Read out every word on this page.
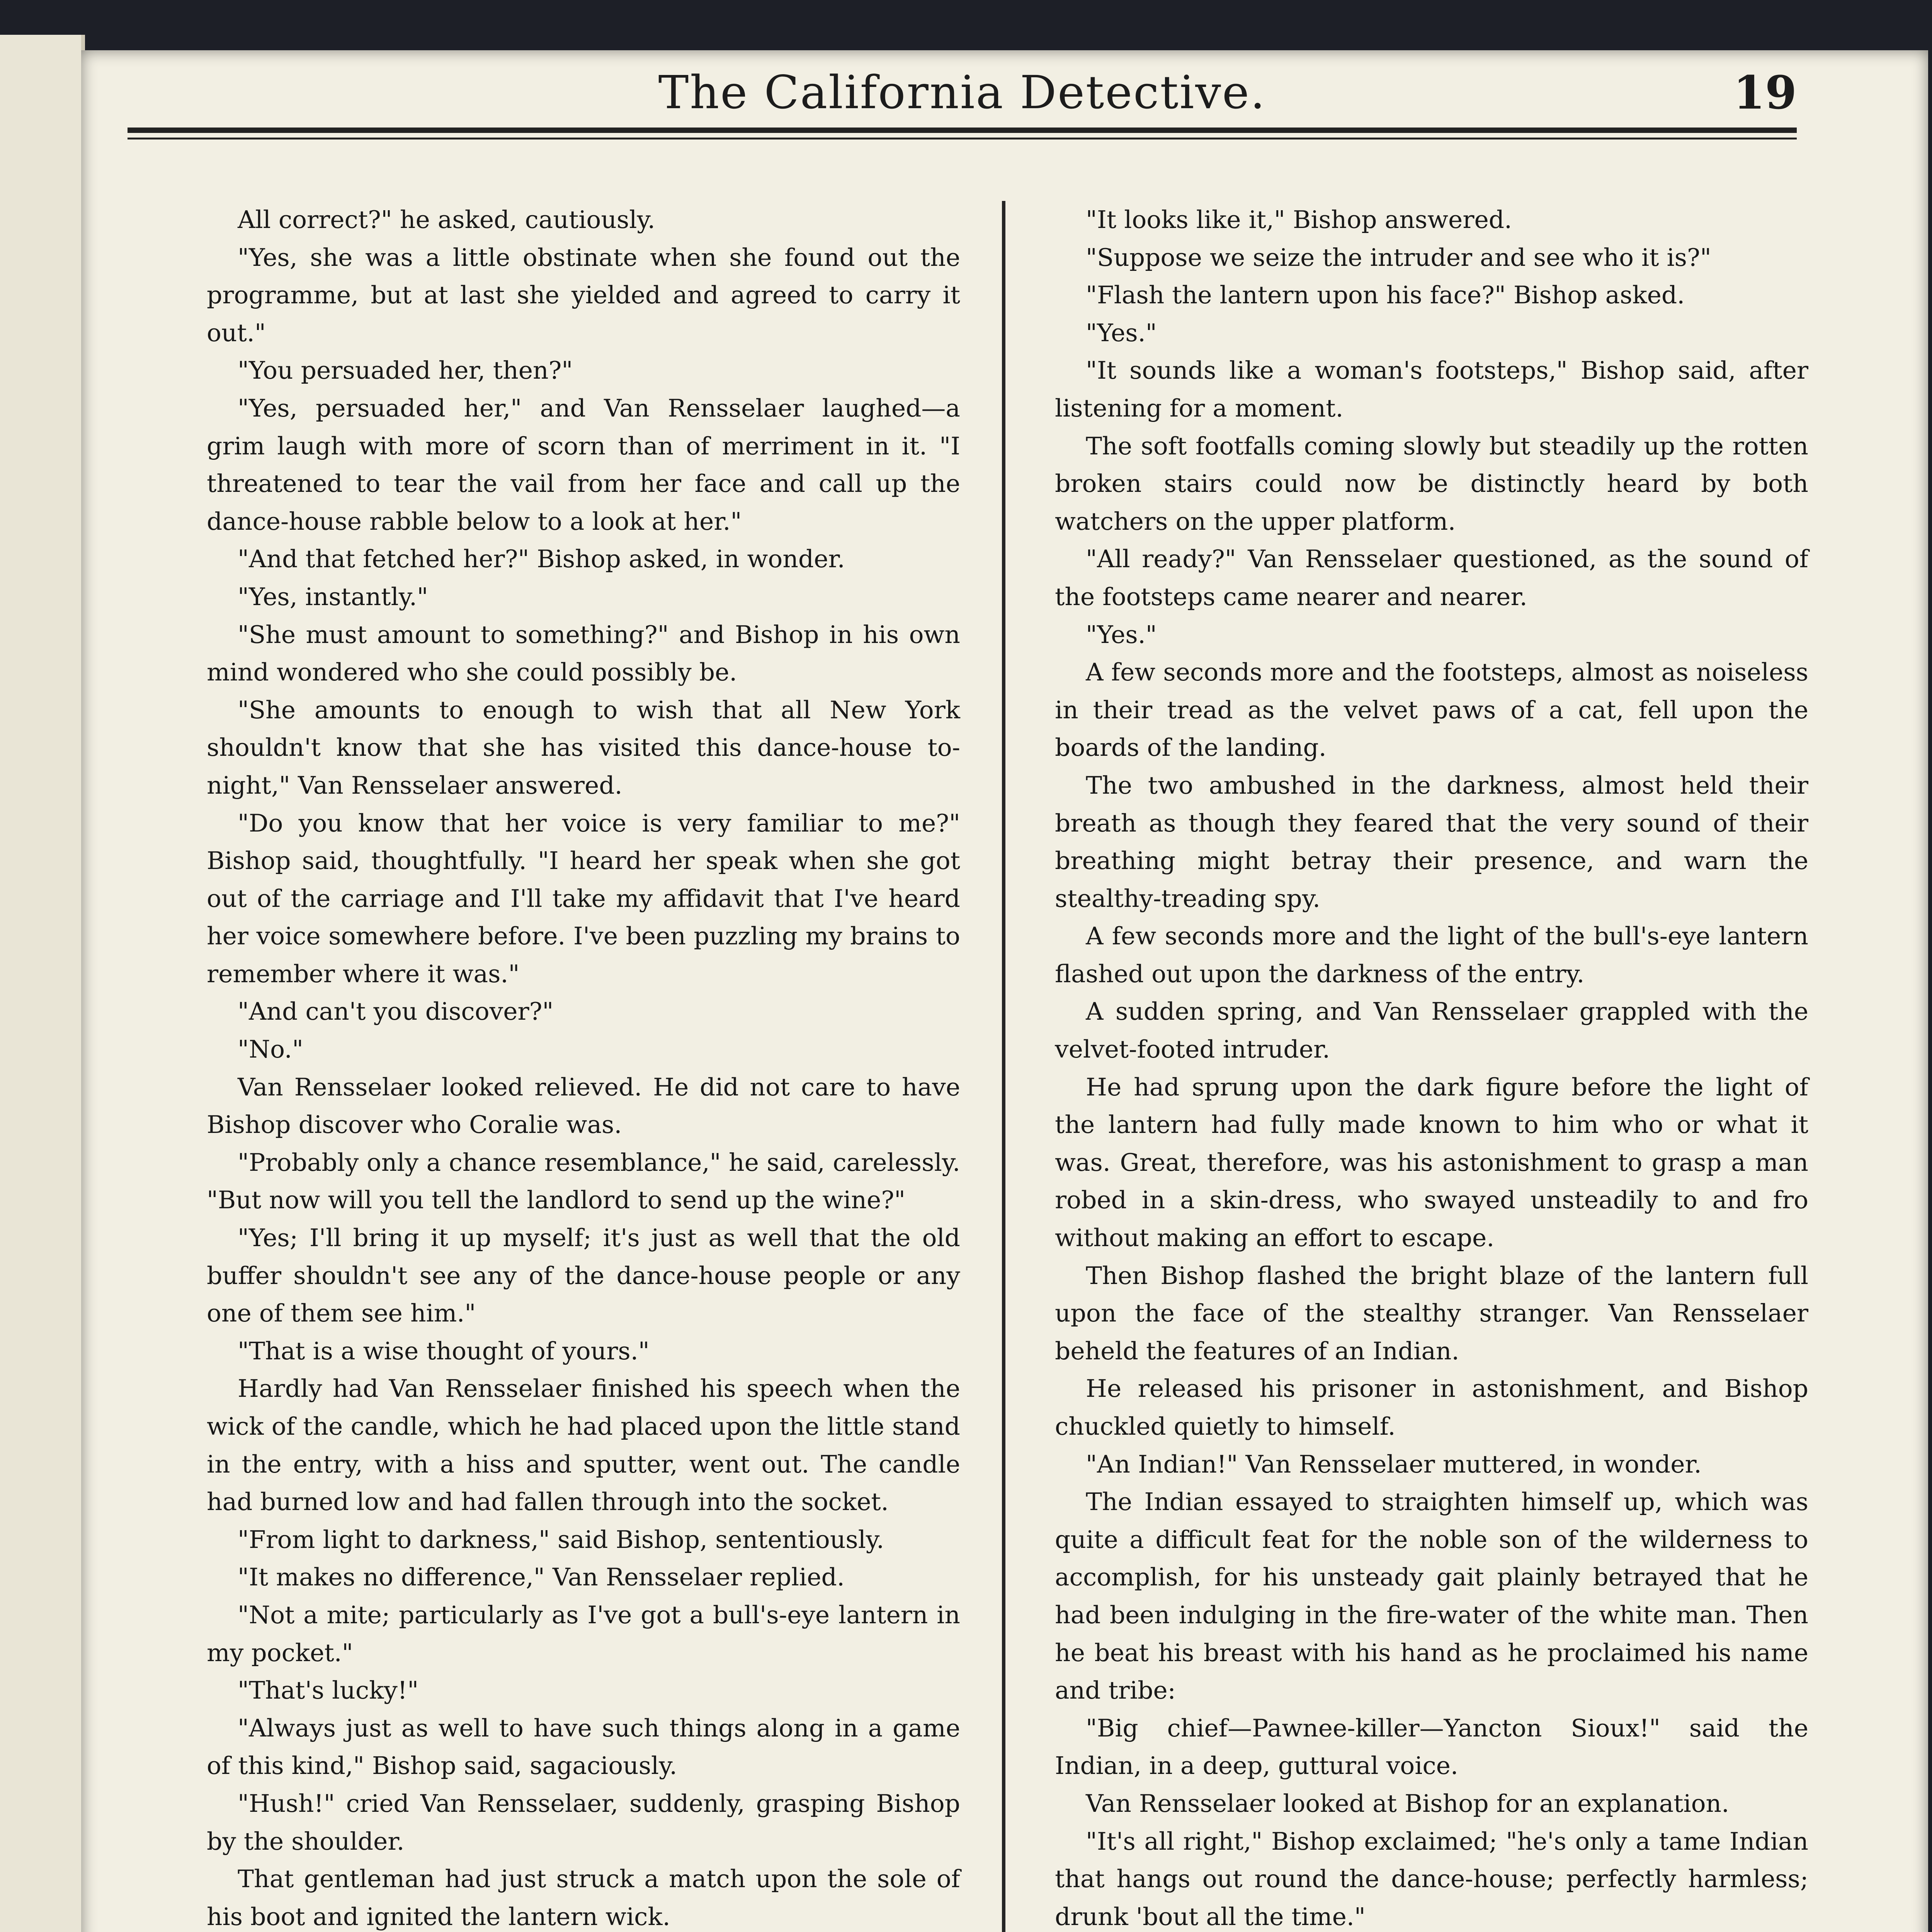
The California Detective.	19

All correct?" he asked, cautiously.

"Yes, she was a little obstinate when she found out the programme, but at last she yielded and agreed to carry it out."

"You persuaded her, then?"

"Yes, persuaded her," and Van Rensselaer laughed—a grim laugh with more of scorn than of merriment in it. "I threatened to tear the vail from her face and call up the dance-house rabble below to a look at her."

"And that fetched her?" Bishop asked, in wonder.

"Yes, instantly."

"She must amount to something?" and Bishop in his own mind wondered who she could possibly be.

"She amounts to enough to wish that all New York shouldn't know that she has visited this dance-house to-night," Van Rensselaer answered.

"Do you know that her voice is very familiar to me?" Bishop said, thoughtfully. "I heard her speak when she got out of the carriage and I'll take my affidavit that I've heard her voice somewhere before. I've been puzzling my brains to remember where it was."

"And can't you discover?"

"No."

Van Rensselaer looked relieved. He did not care to have Bishop discover who Coralie was.

"Probably only a chance resemblance," he said, carelessly. "But now will you tell the landlord to send up the wine?"

"Yes; I'll bring it up myself; it's just as well that the old buffer shouldn't see any of the dance-house people or any one of them see him."

"That is a wise thought of yours."

Hardly had Van Rensselaer finished his speech when the wick of the candle, which he had placed upon the little stand in the entry, with a hiss and sputter, went out. The candle had burned low and had fallen through into the socket.

"From light to darkness," said Bishop, sententiously.

"It makes no difference," Van Rensselaer replied.

"Not a mite; particularly as I've got a bull's-eye lantern in my pocket."

"That's lucky!"

"Always just as well to have such things along in a game of this kind," Bishop said, sagaciously.

"Hush!" cried Van Rensselaer, suddenly, grasping Bishop by the shoulder.

That gentleman had just struck a match upon the sole of his boot and ignited the lantern wick.

"It looks like it," Bishop answered.

"Suppose we seize the intruder and see who it is?"

"Flash the lantern upon his face?" Bishop asked.

"Yes."

"It sounds like a woman's footsteps," Bishop said, after listening for a moment.

The soft footfalls coming slowly but steadily up the rotten broken stairs could now be distinctly heard by both watchers on the upper platform.

"All ready?" Van Rensselaer questioned, as the sound of the footsteps came nearer and nearer.

"Yes."

A few seconds more and the footsteps, almost as noiseless in their tread as the velvet paws of a cat, fell upon the boards of the landing.

The two ambushed in the darkness, almost held their breath as though they feared that the very sound of their breathing might betray their presence, and warn the stealthy-treading spy.

A few seconds more and the light of the bull's-eye lantern flashed out upon the darkness of the entry.

A sudden spring, and Van Rensselaer grappled with the velvet-footed intruder.

He had sprung upon the dark figure before the light of the lantern had fully made known to him who or what it was. Great, therefore, was his astonishment to grasp a man robed in a skin-dress, who swayed unsteadily to and fro without making an effort to escape.

Then Bishop flashed the bright blaze of the lantern full upon the face of the stealthy stranger. Van Rensselaer beheld the features of an Indian.

He released his prisoner in astonishment, and Bishop chuckled quietly to himself.

"An Indian!" Van Rensselaer muttered, in wonder.

The Indian essayed to straighten himself up, which was quite a difficult feat for the noble son of the wilderness to accomplish, for his unsteady gait plainly betrayed that he had been indulging in the fire-water of the white man. Then he beat his breast with his hand as he proclaimed his name and tribe:

"Big chief—Pawnee-killer—Yancton Sioux!" said the Indian, in a deep, guttural voice.

Van Rensselaer looked at Bishop for an explanation.

"It's all right," Bishop exclaimed; "he's only a tame Indian that hangs out round the dance-house; perfectly harmless; drunk 'bout all the time."
